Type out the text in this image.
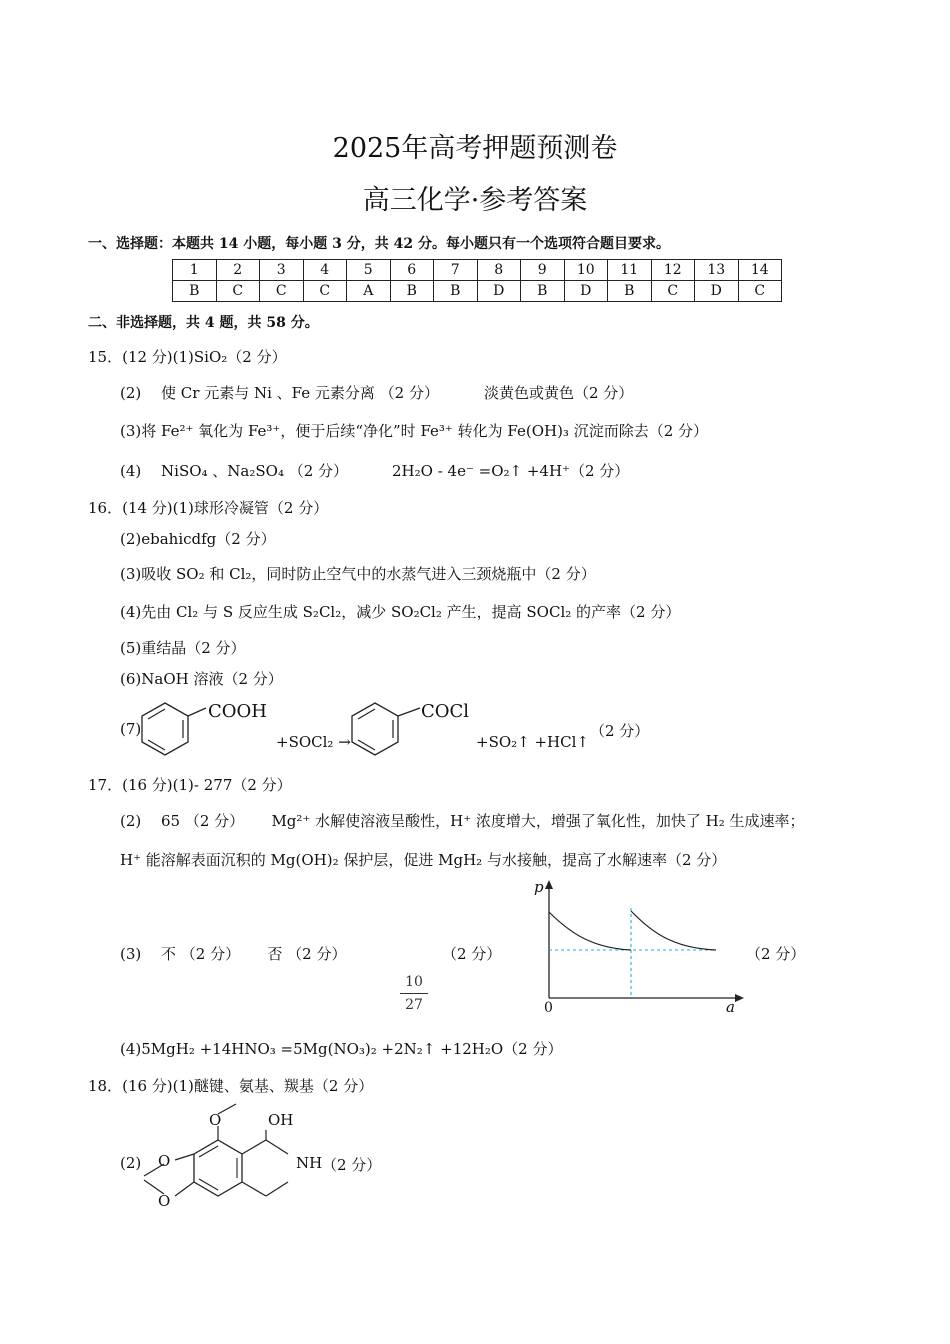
2025年高考押题预测卷
高三化学·参考答案
一、选择题：本题共 14 小题，每小题 3 分，共 42 分。每小题只有一个选项符合题目要求。
1	2	3	4	5	6	7	8	9	10	11	12	13	14
B	C	C	C	A	B	B	D	B	D	B	C	D	C
二、非选择题，共 4 题，共 58 分。
15．(12 分)(1)SiO₂（2 分）
(2)　 使 Cr 元素与 Ni 、Fe 元素分离 （2 分）	淡黄色或黄色（2 分）
(3)将 Fe²⁺ 氧化为 Fe³⁺，便于后续“净化”时 Fe³⁺ 转化为 Fe(OH)₃ 沉淀而除去（2 分）
(4)　 NiSO₄ 、Na₂SO₄ （2 分）	2H₂O - 4e⁻ =O₂↑ +4H⁺（2 分）
16．(14 分)(1)球形冷凝管（2 分）
(2)ebahicdfg（2 分）
(3)吸收 SO₂ 和 Cl₂，同时防止空气中的水蒸气进入三颈烧瓶中（2 分）
(4)先由 Cl₂ 与 S 反应生成 S₂Cl₂，减少 SO₂Cl₂ 产生，提高 SOCl₂ 的产率（2 分）
(5)重结晶（2 分）
(6)NaOH 溶液（2 分）
(7)
COOH
+SOCl₂ →
COCl
+SO₂↑ +HCl↑
（2 分）
17．(16 分)(1)- 277（2 分）
(2)　 65 （2 分）　　 Mg²⁺ 水解使溶液呈酸性，H⁺ 浓度增大，增强了氧化性，加快了 H₂ 生成速率；
H⁺ 能溶解表面沉积的 Mg(OH)₂ 保护层，促进 MgH₂ 与水接触，提高了水解速率（2 分）
(3)　 不 （2 分）　　 否 （2 分）	（2 分）
10
27
p
a
0
（2 分）
(4)5MgH₂ +14HNO₃ =5Mg(NO₃)₂ +2N₂↑ +12H₂O（2 分）
18．(16 分)(1)醚键、氨基、羰基（2 分）
(2)
O	OH
O
O
NH （2 分）
